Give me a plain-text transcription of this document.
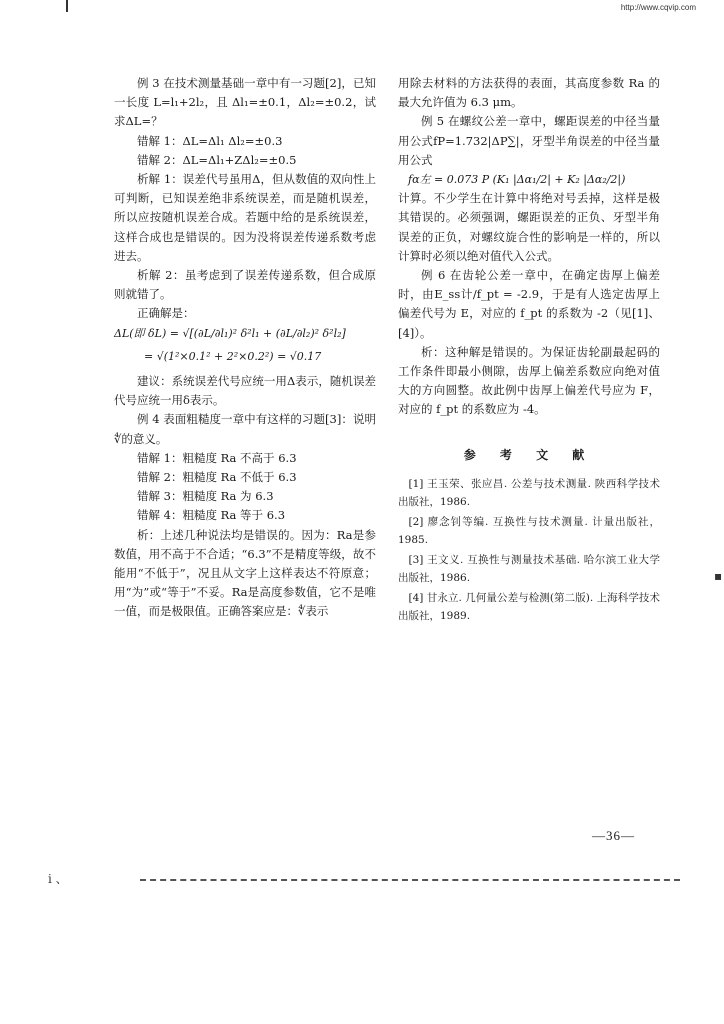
http://www.cqvip.com

例 3 在技术测量基础一章中有一习题[2]，已知一长度 L=l₁+2l₂，且 Δl₁=±0.1，Δl₂=±0.2，试求ΔL=？

错解 1：ΔL=Δl₁ Δl₂=±0.3

错解 2：ΔL=Δl₁+ZΔl₂=±0.5

析解 1：误差代号虽用Δ，但从数值的双向性上可判断，已知误差绝非系统误差，而是随机误差，所以应按随机误差合成。若题中给的是系统误差，这样合成也是错误的。因为没将误差传递系数考虑进去。

析解 2：虽考虑到了误差传递系数，但合成原则就错了。

正确解是：

ΔL(即 δL) = √[(∂L/∂l₁)² δ²l₁ + (∂L/∂l₂)² δ²l₂]

= √(1²×0.1² + 2²×0.2²) = √0.17

建议：系统误差代号应统一用Δ表示，随机误差代号应统一用δ表示。

例 4 表面粗糙度一章中有这样的习题[3]：说明∜的意义。

错解 1：粗糙度 Ra 不高于 6.3

错解 2：粗糙度 Ra 不低于 6.3

错解 3：粗糙度 Ra 为 6.3

错解 4：粗糙度 Ra 等于 6.3

析：上述几种说法均是错误的。因为：Ra是参数值，用不高于不合适；“6.3”不是精度等级，故不能用“不低于”，况且从文字上这样表达不符原意；用“为”或“等于”不妥。Ra是高度参数值，它不是唯一值，而是极限值。正确答案应是：∜表示

用除去材料的方法获得的表面，其高度参数 Ra 的最大允许值为 6.3 μm。

例 5 在螺纹公差一章中，螺距误差的中径当量用公式fP=1.732|ΔP∑|，牙型半角误差的中径当量用公式

fα左 = 0.073 P (K₁ |Δα₁/2| + K₂ |Δα₂/2|)

计算。不少学生在计算中将绝对号丢掉，这样是极其错误的。必须强调，螺距误差的正负、牙型半角误差的正负，对螺纹旋合性的影响是一样的，所以计算时必须以绝对值代入公式。

例 6 在齿轮公差一章中，在确定齿厚上偏差时，由E_ss计/f_pt = -2.9，于是有人选定齿厚上偏差代号为 E，对应的 f_pt 的系数为 -2（见[1]、[4]）。

析：这种解是错误的。为保证齿轮副最起码的工作条件即最小侧隙，齿厚上偏差系数应向绝对值大的方向圆整。故此例中齿厚上偏差代号应为 F，对应的 f_pt 的系数应为 -4。

参 考 文 献

[1] 王玉荣、张应昌. 公差与技术测量. 陕西科学技术出版社，1986.

[2] 廖念钊等编. 互换性与技术测量. 计量出版社，1985.

[3] 王文义. 互换性与测量技术基础. 哈尔滨工业大学出版社，1986.

[4] 甘永立. 几何量公差与检测(第二版). 上海科学技术出版社，1989.

—36—
ⅰ 、
▪
